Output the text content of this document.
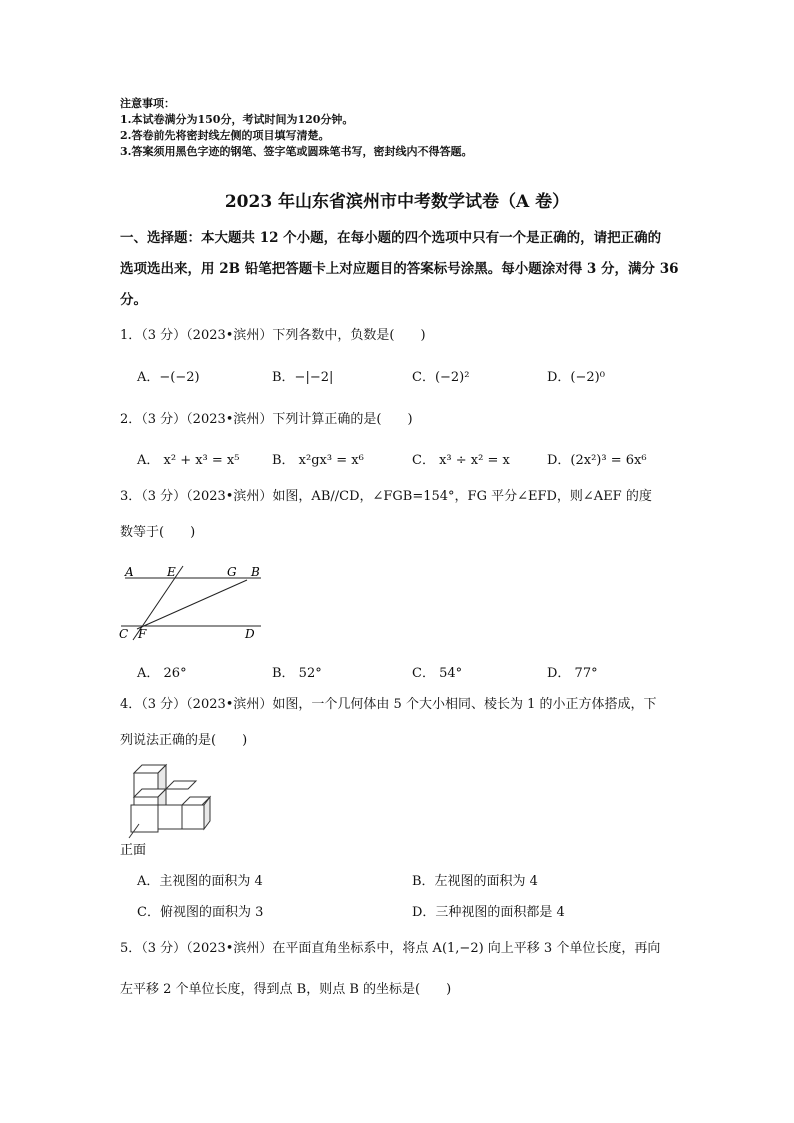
注意事项：
1.本试卷满分为150分，考试时间为120分钟。
2.答卷前先将密封线左侧的项目填写清楚。
3.答案须用黑色字迹的钢笔、签字笔或圆珠笔书写，密封线内不得答题。
2023 年山东省滨州市中考数学试卷（A 卷）
一、选择题：本大题共 12 个小题，在每小题的四个选项中只有一个是正确的，请把正确的
选项选出来，用 2B 铅笔把答题卡上对应题目的答案标号涂黑。每小题涂对得 3 分，满分 36
分。
1．（3 分）（2023•滨州）下列各数中，负数是(　　)
A．−(−2)	B．−|−2|	C．(−2)²	D．(−2)⁰
2．（3 分）（2023•滨州）下列计算正确的是(　　)
A． x² + x³ = x⁵	B． x²gx³ = x⁶	C． x³ ÷ x² = x	D．(2x²)³ = 6x⁶
3．（3 分）（2023•滨州）如图，AB//CD，∠FGB=154°，FG 平分∠EFD，则∠AEF 的度
数等于(　　)
A	E	G B
C F	D
A． 26°	B． 52°	C． 54°	D． 77°
4．（3 分）（2023•滨州）如图，一个几何体由 5 个大小相同、棱长为 1 的小正方体搭成，下
列说法正确的是(　　)
正面
A．主视图的面积为 4	B．左视图的面积为 4
C．俯视图的面积为 3	D．三种视图的面积都是 4
5．（3 分）（2023•滨州）在平面直角坐标系中，将点 A(1,−2) 向上平移 3 个单位长度，再向
左平移 2 个单位长度，得到点 B，则点 B 的坐标是(　　)
